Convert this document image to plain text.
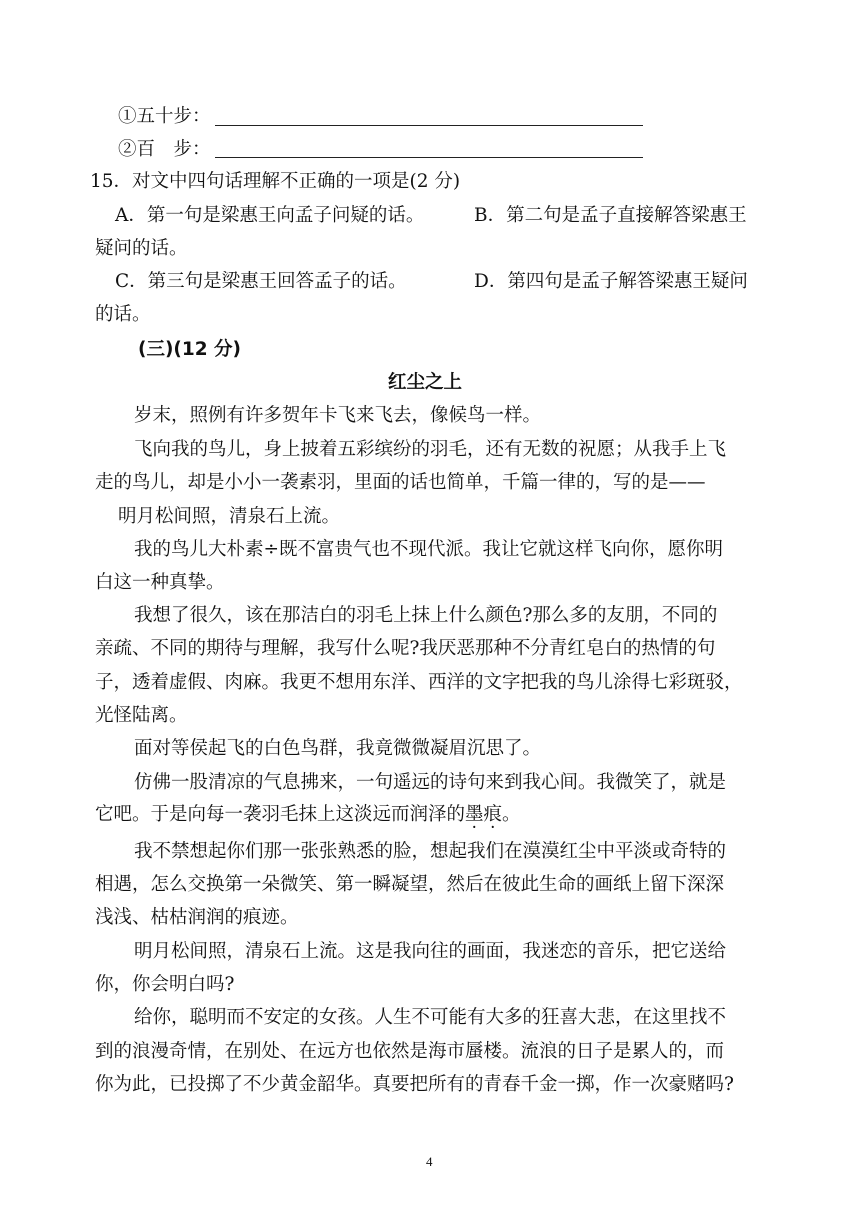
①五十步：
②百　步：
15．对文中四句话理解不正确的一项是(2 分)
A．第一句是梁惠王向孟子问疑的话。	B．第二句是孟子直接解答梁惠王
疑问的话。
C．第三句是梁惠王回答孟子的话。	D．第四句是孟子解答梁惠王疑问
的话。
(三)(12 分)
红尘之上
岁末，照例有许多贺年卡飞来飞去，像候鸟一样。
飞向我的鸟儿，身上披着五彩缤纷的羽毛，还有无数的祝愿；从我手上飞
走的鸟儿，却是小小一袭素羽，里面的话也简单，千篇一律的，写的是——
明月松间照，清泉石上流。
我的鸟儿大朴素÷既不富贵气也不现代派。我让它就这样飞向你，愿你明
白这一种真挚。
我想了很久，该在那洁白的羽毛上抹上什么颜色?那么多的友朋，不同的
亲疏、不同的期待与理解，我写什么呢?我厌恶那种不分青红皂白的热情的句
子，透着虚假、肉麻。我更不想用东洋、西洋的文字把我的鸟儿涂得七彩斑驳，
光怪陆离。
面对等侯起飞的白色鸟群，我竟微微凝眉沉思了。
仿佛一股清凉的气息拂来，一句遥远的诗句来到我心间。我微笑了，就是
它吧。于是向每一袭羽毛抹上这淡远而润泽的墨痕。
我不禁想起你们那一张张熟悉的脸，想起我们在漠漠红尘中平淡或奇特的
相遇，怎么交换第一朵微笑、第一瞬凝望，然后在彼此生命的画纸上留下深深
浅浅、枯枯润润的痕迹。
明月松间照，清泉石上流。这是我向往的画面，我迷恋的音乐，把它送给
你，你会明白吗?
给你，聪明而不安定的女孩。人生不可能有大多的狂喜大悲，在这里找不
到的浪漫奇情，在别处、在远方也依然是海市蜃楼。流浪的日子是累人的，而
你为此，已投掷了不少黄金韶华。真要把所有的青春千金一掷，作一次豪赌吗?
4
